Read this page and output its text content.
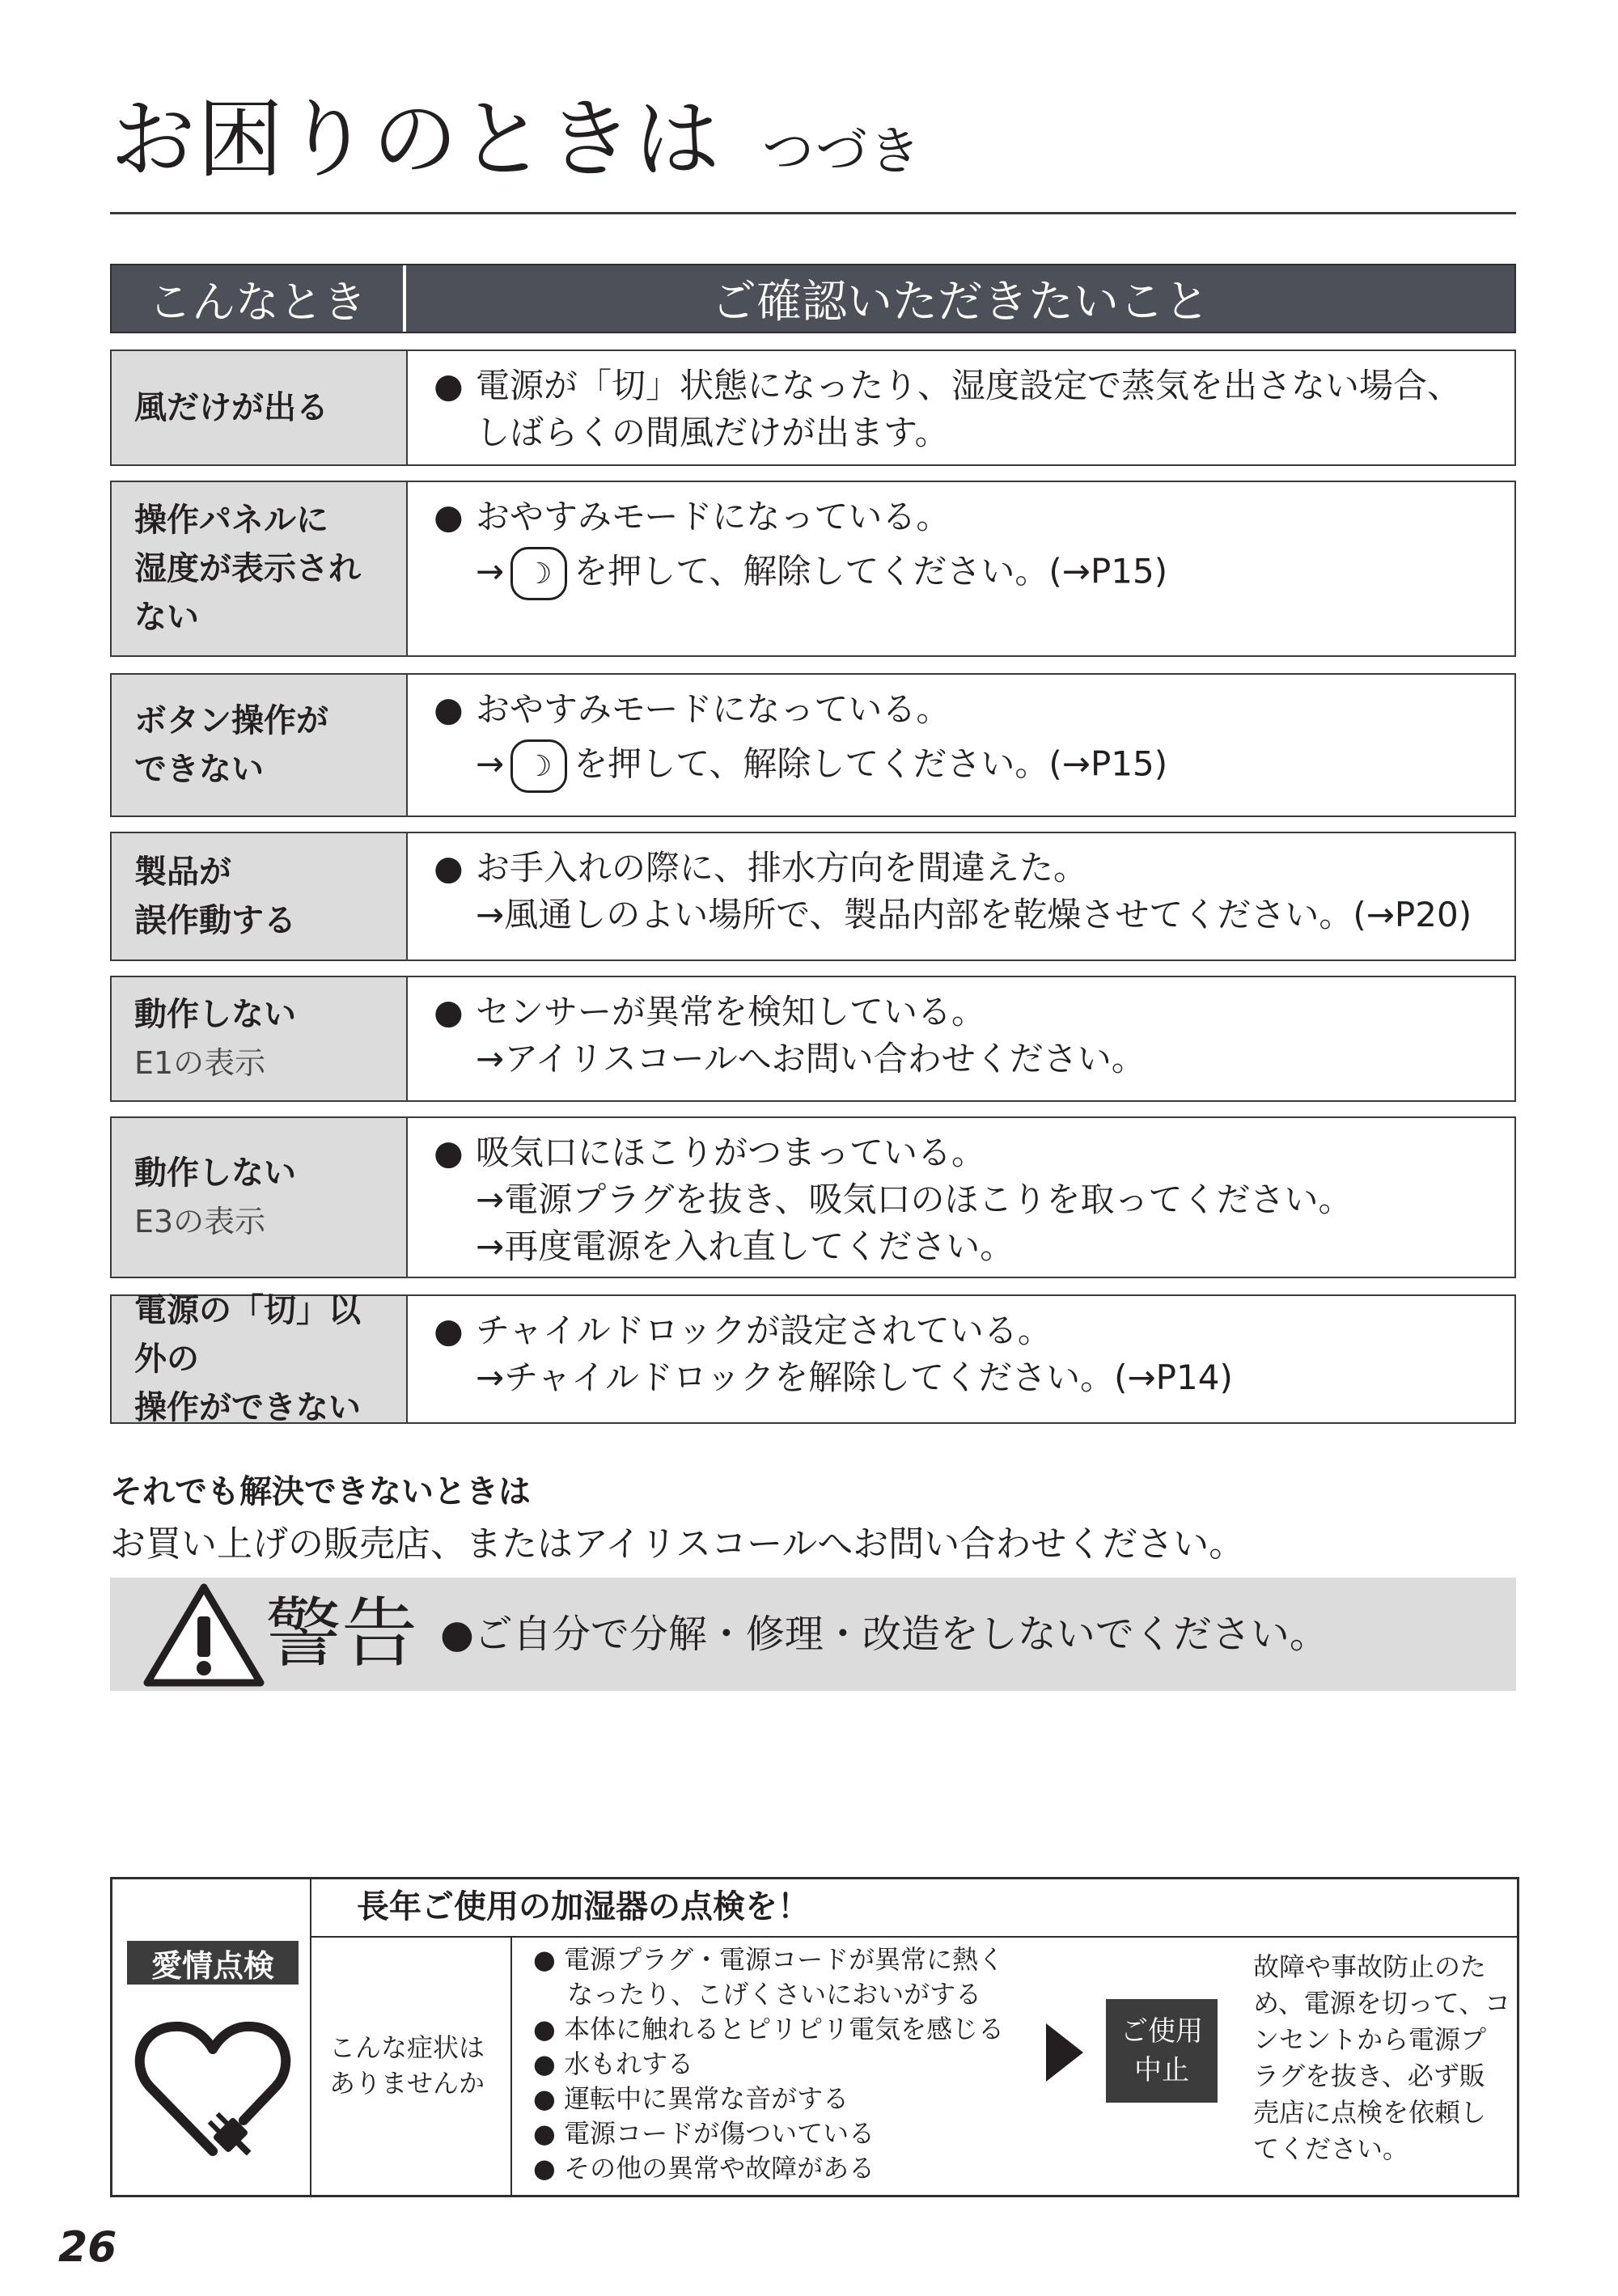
お困りのときは つづき
こんなとき	ご確認いただきたいこと
風だけが出る
● 電源が「切」状態になったり、湿度設定で蒸気を出さない場合、
しばらくの間風だけが出ます。
操作パネルに
湿度が表示され
ない
● おやすみモードになっている。
→ ☽ を押して、解除してください。(→P15)
ボタン操作が
できない
● おやすみモードになっている。
→ ☽ を押して、解除してください。(→P15)
製品が
誤作動する
● お手入れの際に、排水方向を間違えた。
→風通しのよい場所で、製品内部を乾燥させてください。(→P20)
動作しない
E1の表示
● センサーが異常を検知している。
→アイリスコールへお問い合わせください。
動作しない
E3の表示
● 吸気口にほこりがつまっている。
→電源プラグを抜き、吸気口のほこりを取ってください。
→再度電源を入れ直してください。
電源の「切」以外の
操作ができない
● チャイルドロックが設定されている。
→チャイルドロックを解除してください。(→P14)
それでも解決できないときは
お買い上げの販売店、またはアイリスコールへお問い合わせください。
警告 ●ご自分で分解・修理・改造をしないでください。
愛情点検
長年ご使用の加湿器の点検を！
こんな症状は
ありませんか
● 電源プラグ・電源コードが異常に熱く
　 なったり、こげくさいにおいがする
● 本体に触れるとピリピリ電気を感じる
● 水もれする
● 運転中に異常な音がする
● 電源コードが傷ついている
● その他の異常や故障がある
ご使用
中止
故障や事故防止のた
め、電源を切って、コ
ンセントから電源プ
ラグを抜き、必ず販
売店に点検を依頼し
てください。
26
